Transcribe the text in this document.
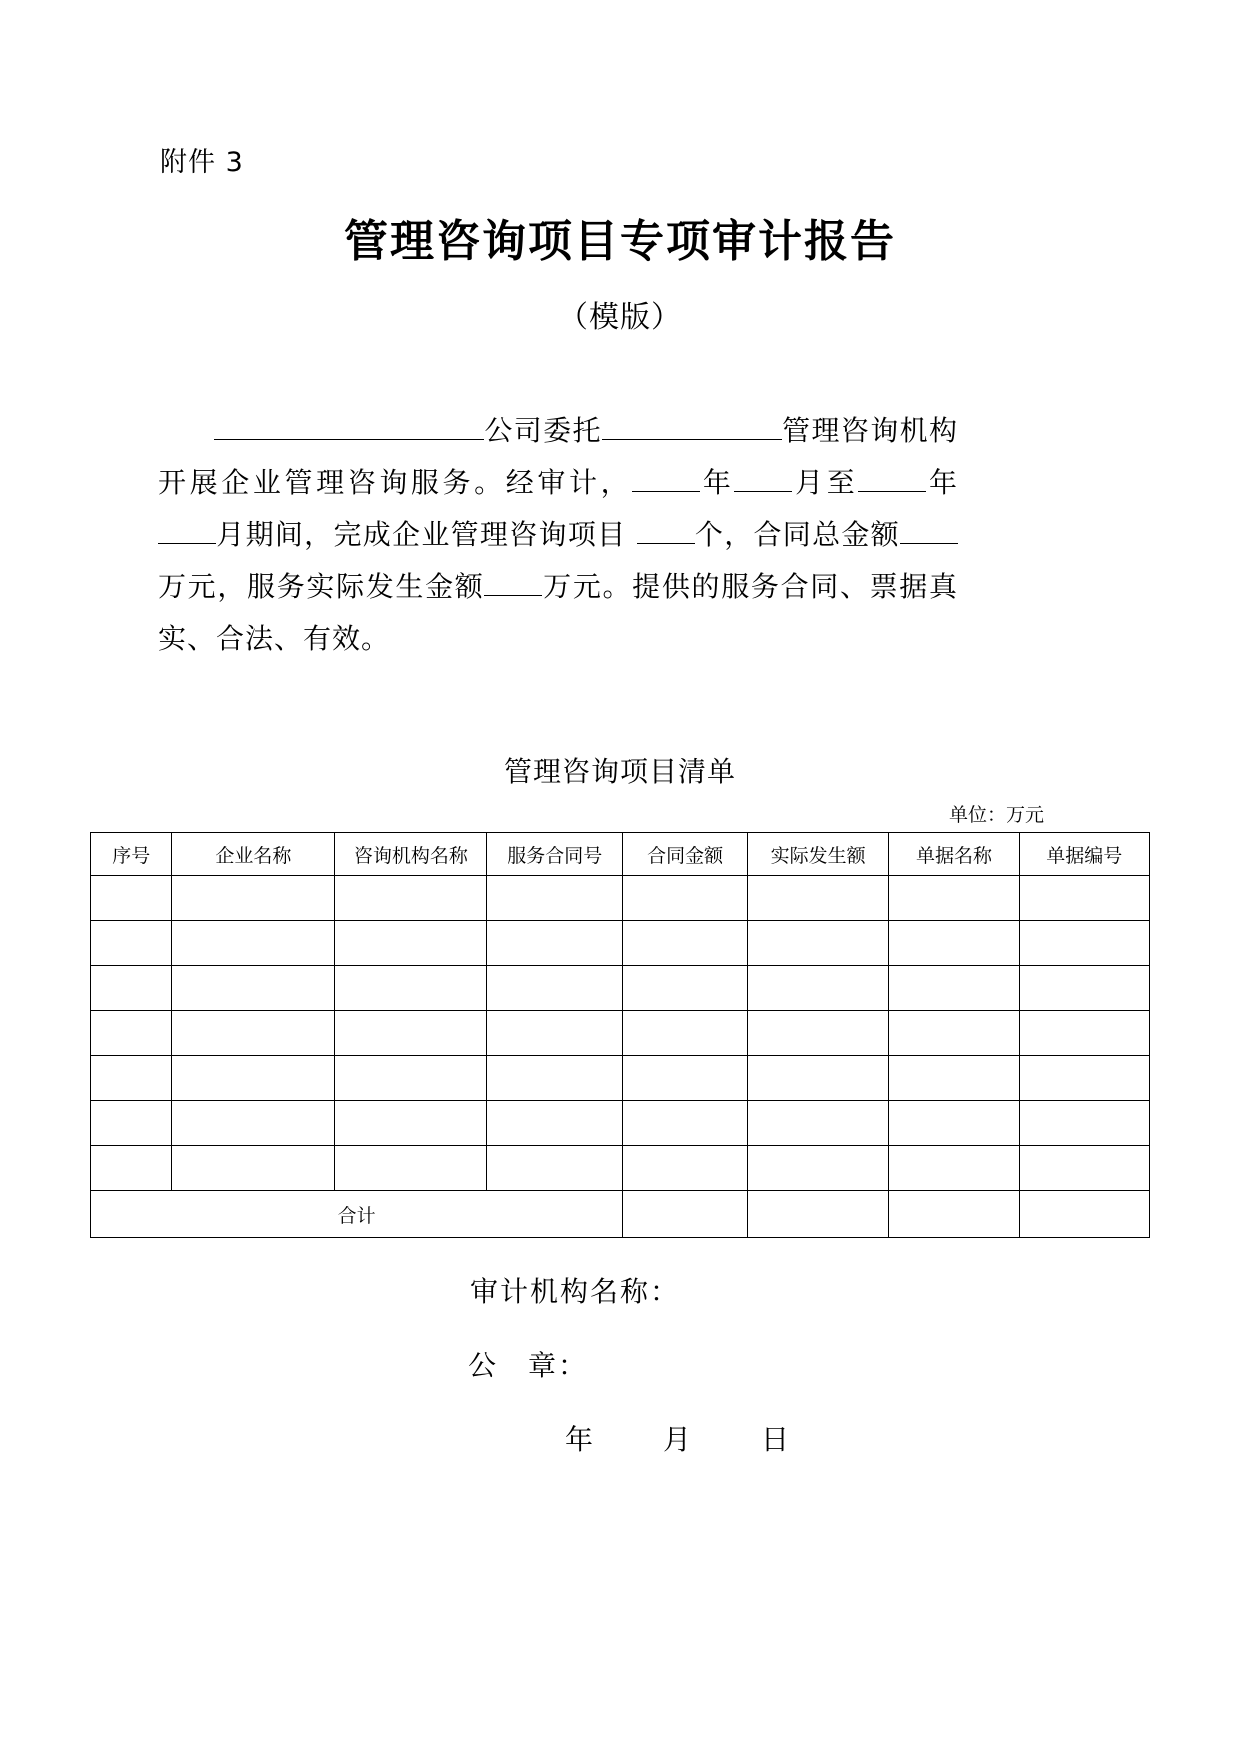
附件 3
管理咨询项目专项审计报告
（模版）
公司委托	管理咨询机构开展企业管理咨询服务。经审计， 年 月至 年月期间，完成企业管理咨询项目 个，合同总金额万元，服务实际发生金额 万元。提供的服务合同、票据真实、合法、有效。
管理咨询项目清单
单位：万元
序号	企业名称	咨询机构名称	服务合同号	合同金额	实际发生额	单据名称	单据编号

合计							
审计机构名称：
公　章：
年 月 日
